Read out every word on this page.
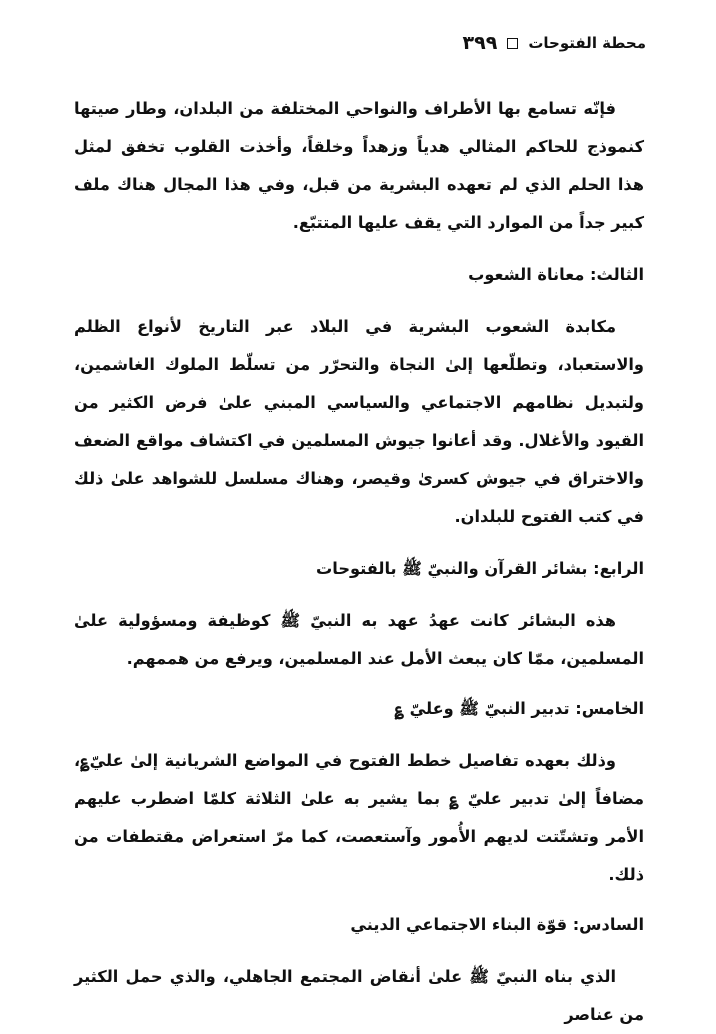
محطة الفتوحات
٣٩٩

فإنّه تسامع بها الأطراف والنواحي المختلفة من البلدان، وطار صيتها كنموذج للحاكم المثالي هدياً وزهداً وخلقاً، وأخذت القلوب تخفق لمثل هذا الحلم الذي لم تعهده البشرية من قبل، وفي هذا المجال هناك ملف كبير جداً من الموارد التي يقف عليها المتتبّع.

الثالث: معاناة الشعوب

مكابدة الشعوب البشرية في البلاد عبر التاريخ لأنواع الظلم والاستعباد، وتطلّعها إلىٰ النجاة والتحرّر من تسلّط الملوك الغاشمين، ولتبديل نظامهم الاجتماعي والسياسي المبني علىٰ فرض الكثير من القيود والأغلال. وقد أعانوا جيوش المسلمين في اكتشاف مواقع الضعف والاختراق في جيوش كسرىٰ وقيصر، وهناك مسلسل للشواهد علىٰ ذلك في كتب الفتوح للبلدان.

الرابع: بشائر القرآن والنبيّ ﷺ بالفتوحات

هذه البشائر كانت عهدُ عهد به النبيّ ﷺ كوظيفة ومسؤولية علىٰ المسلمين، ممّا كان يبعث الأمل عند المسلمين، ويرفع من هممهم.

الخامس: تدبير النبيّ ﷺ وعليّ ؏

وذلك بعهده تفاصيل خطط الفتوح في المواضع الشريانية إلىٰ عليّ؏، مضافاً إلىٰ تدبير عليّ ؏ بما يشير به علىٰ الثلاثة كلمّا اضطرب عليهم الأمر وتشتّتت لديهم الأُمور وآستعصت، كما مرّ استعراض مقتطفات من ذلك.

السادس: قوّة البناء الاجتماعي الديني

الذي بناه النبيّ ﷺ علىٰ أنقاض المجتمع الجاهلي، والذي حمل الكثير من عناصر
